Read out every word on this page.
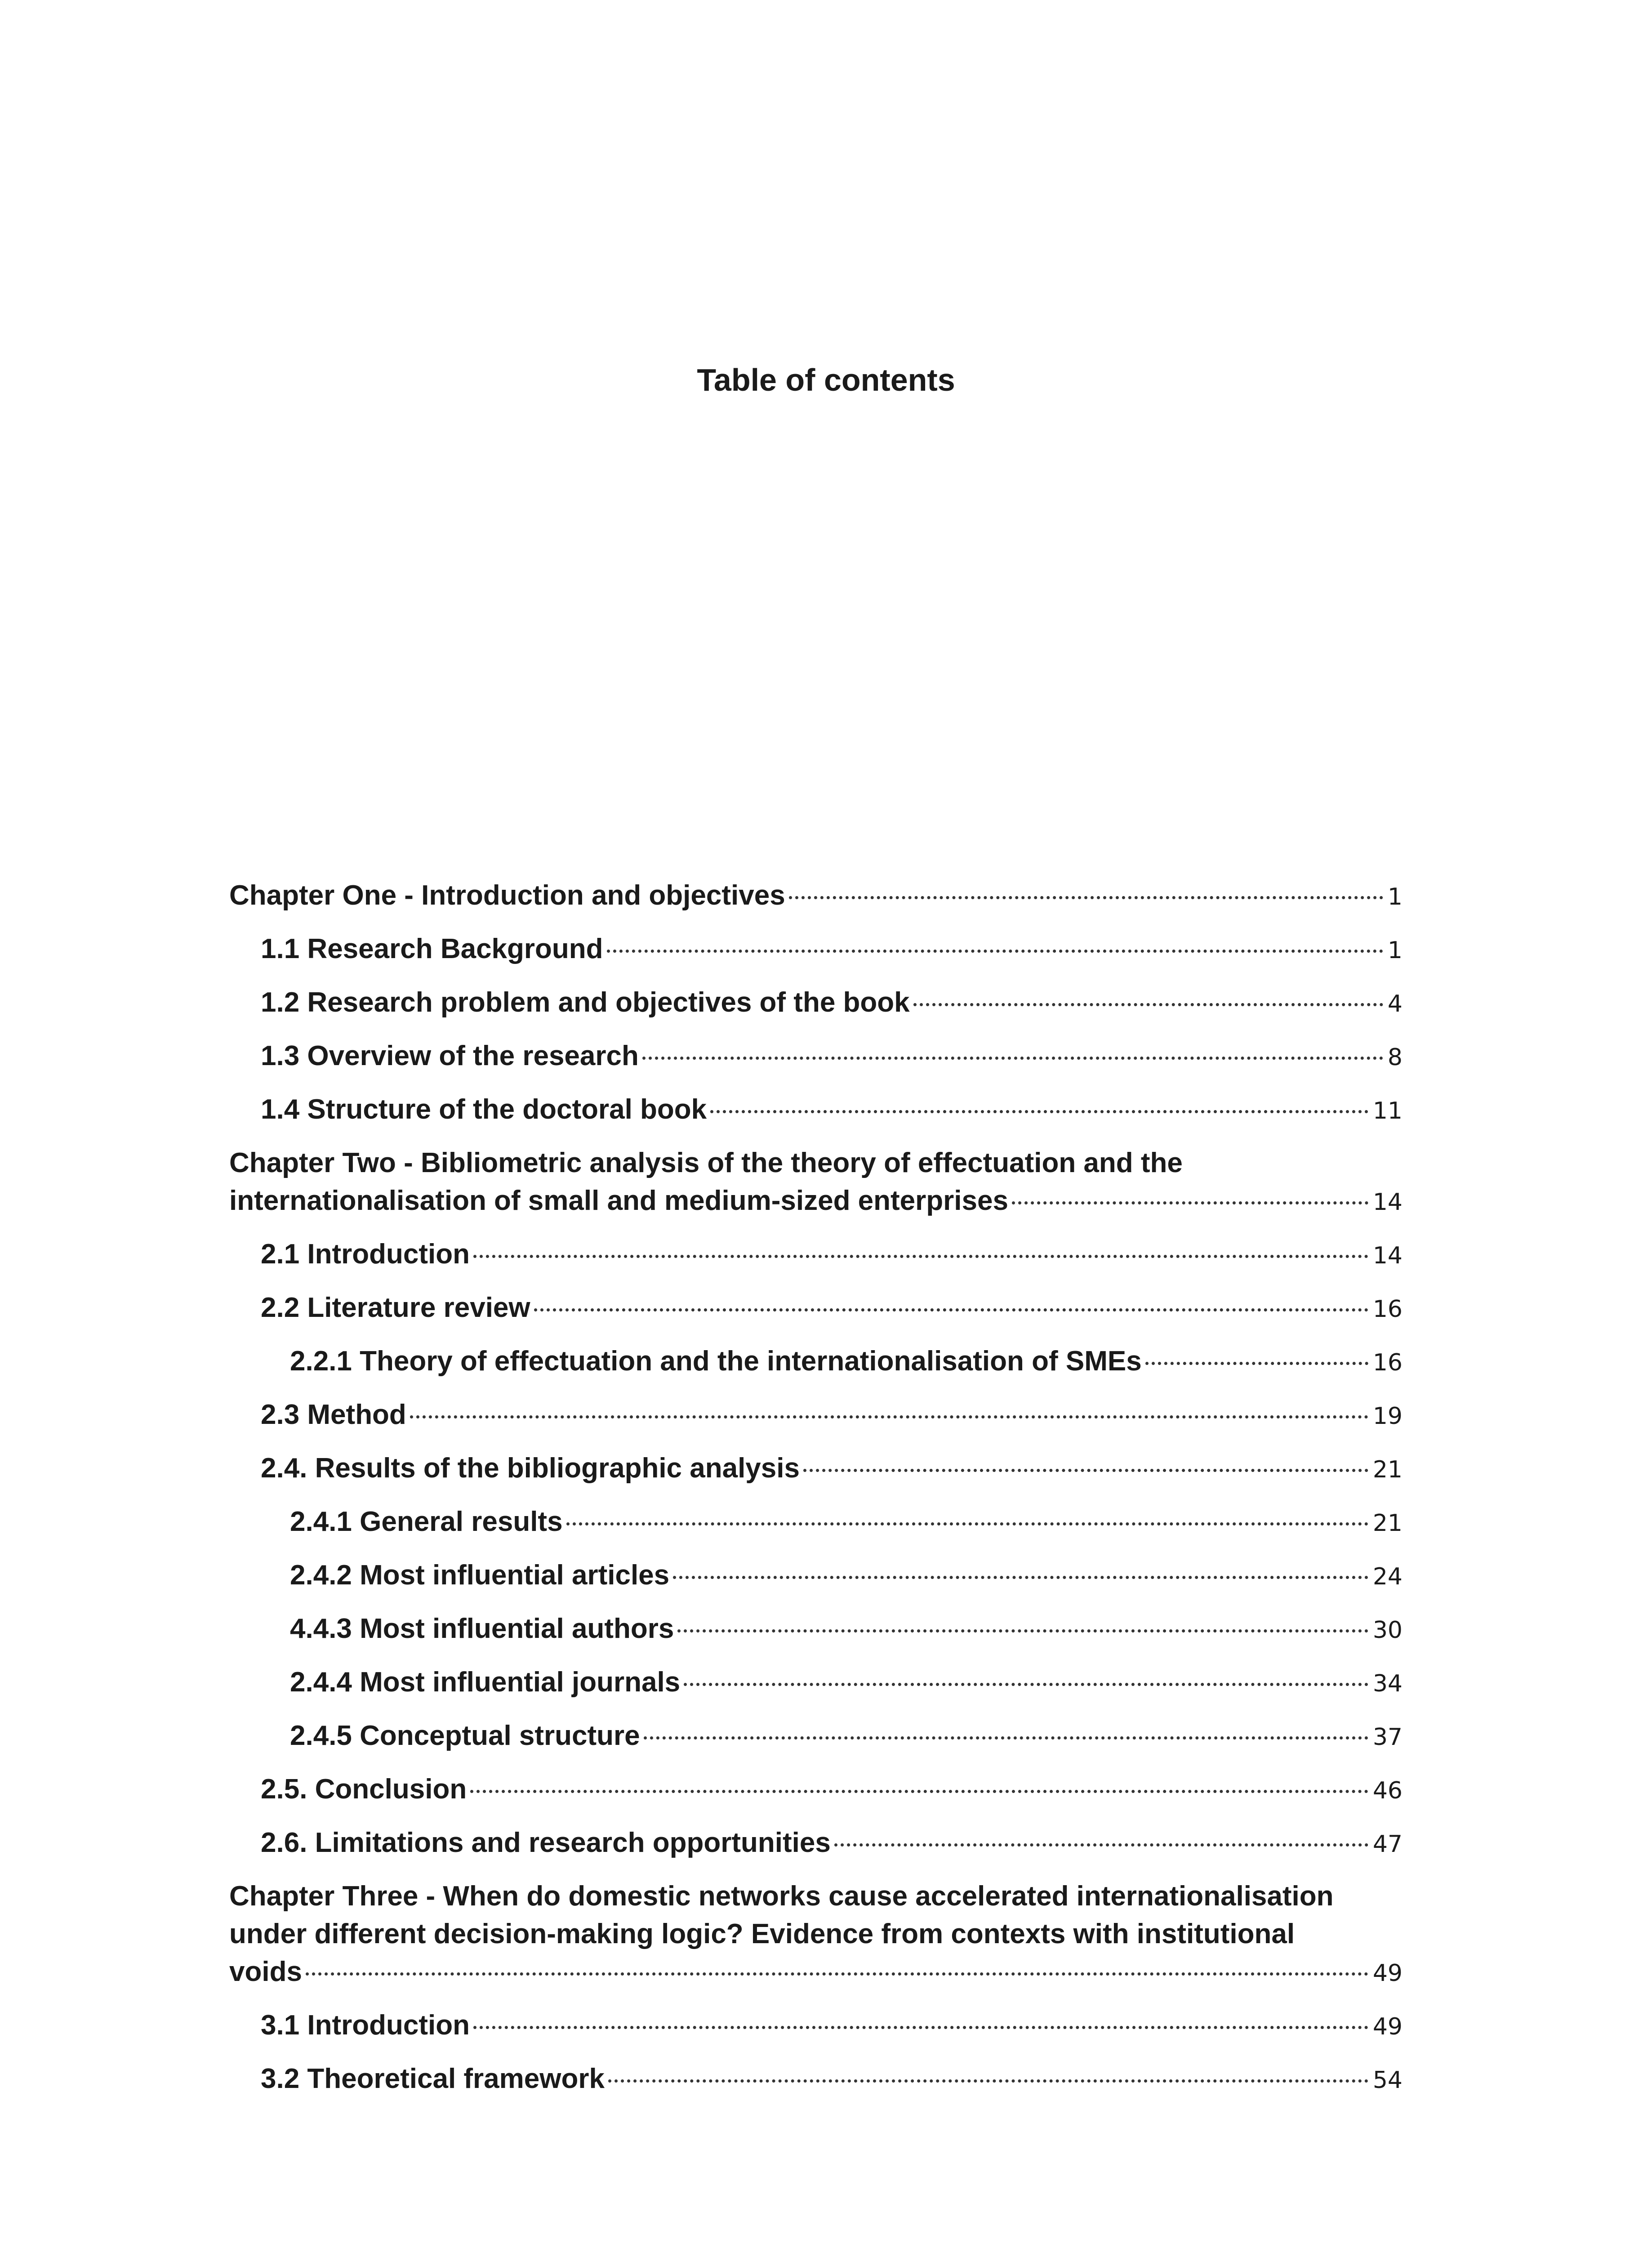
Table of contents
Chapter One - Introduction and objectives	1
1.1 Research Background	1
1.2 Research problem and objectives of the book	4
1.3 Overview of the research	8
1.4 Structure of the doctoral book	11
Chapter Two - Bibliometric analysis of the theory of effectuation and the
internationalisation of small and medium-sized enterprises	14
2.1 Introduction	14
2.2 Literature review	16
2.2.1 Theory of effectuation and the internationalisation of SMEs	16
2.3 Method	19
2.4. Results of the bibliographic analysis	21
2.4.1 General results	21
2.4.2 Most influential articles	24
4.4.3 Most influential authors	30
2.4.4 Most influential journals	34
2.4.5 Conceptual structure	37
2.5. Conclusion	46
2.6. Limitations and research opportunities	47
Chapter Three - When do domestic networks cause accelerated internationalisation under different decision-making logic? Evidence from contexts with institutional
voids	49
3.1 Introduction	49
3.2 Theoretical framework	54
